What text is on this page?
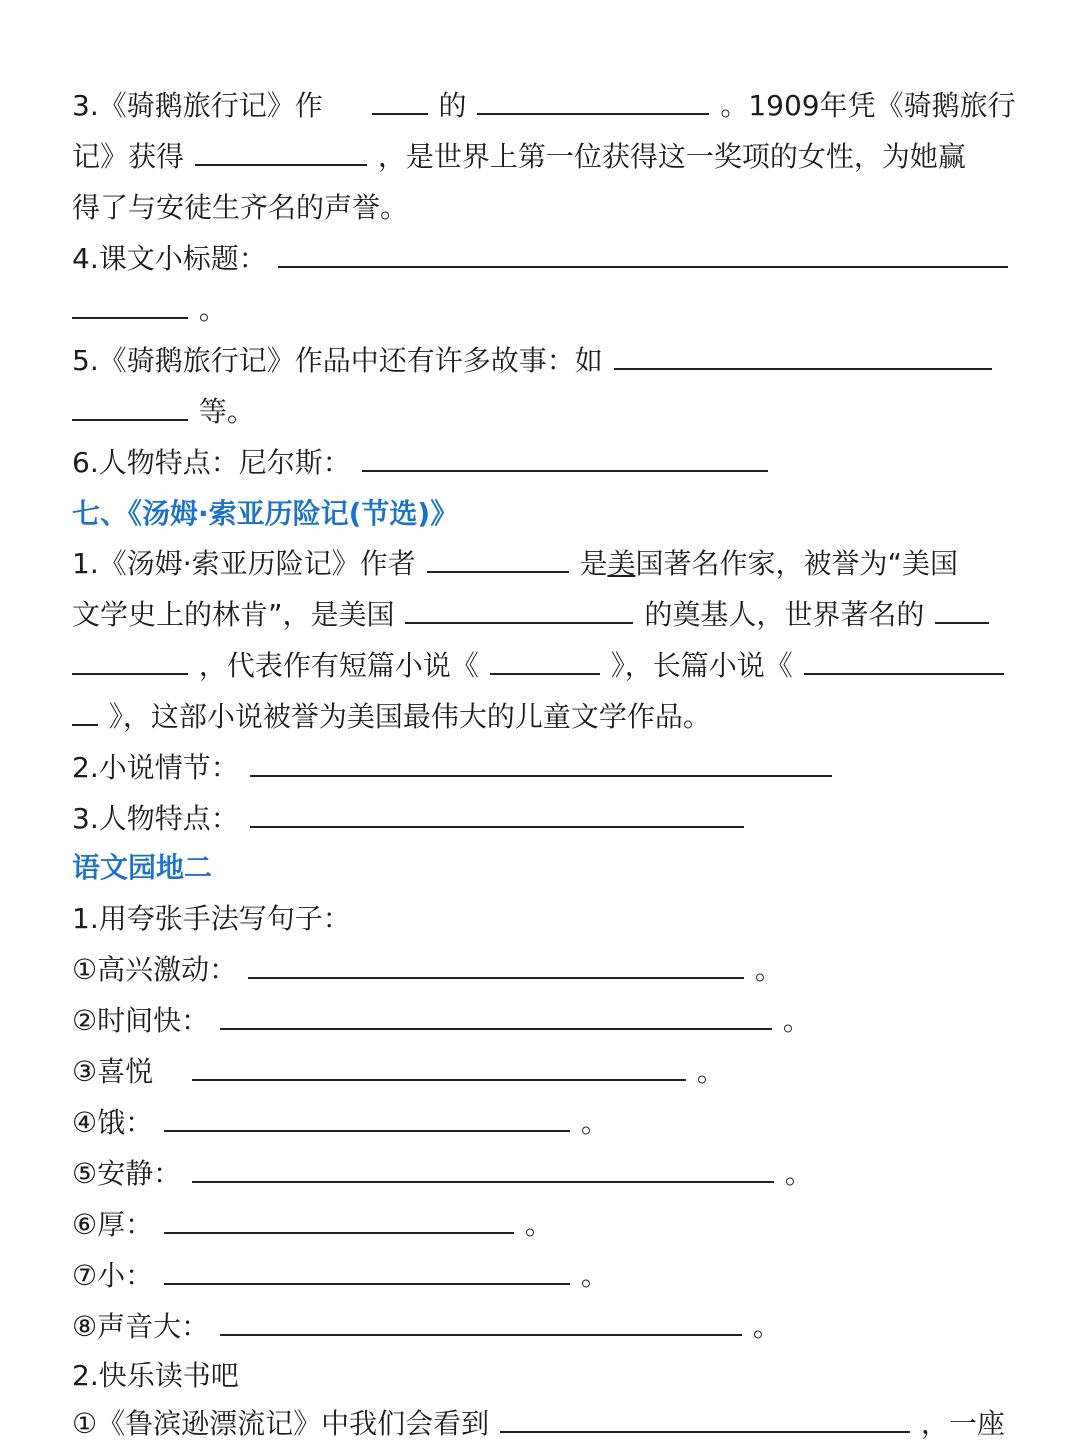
3.《骑鹅旅行记》作	的	。1909年凭《骑鹅旅行
记》获得	，是世界上第一位获得这一奖项的女性，为她赢
得了与安徒生齐名的声誉。
4.课文小标题：
。
5.《骑鹅旅行记》作品中还有许多故事：如
等。
6.人物特点：尼尔斯：
七、《汤姆·索亚历险记(节选)》
1.《汤姆·索亚历险记》作者	是美国著名作家，被誉为“美国
文学史上的林肯”，是美国	的奠基人，世界著名的
，代表作有短篇小说《	》，长篇小说《
》，这部小说被誉为美国最伟大的儿童文学作品。
2.小说情节：
3.人物特点：
语文园地二
1.用夸张手法写句子：
①高兴激动：	。
②时间快：	。
③喜悦	。
④饿：	。
⑤安静：	。
⑥厚：	。
⑦小：	。
⑧声音大：	。
2.快乐读书吧
①《鲁滨逊漂流记》中我们会看到	，一座
